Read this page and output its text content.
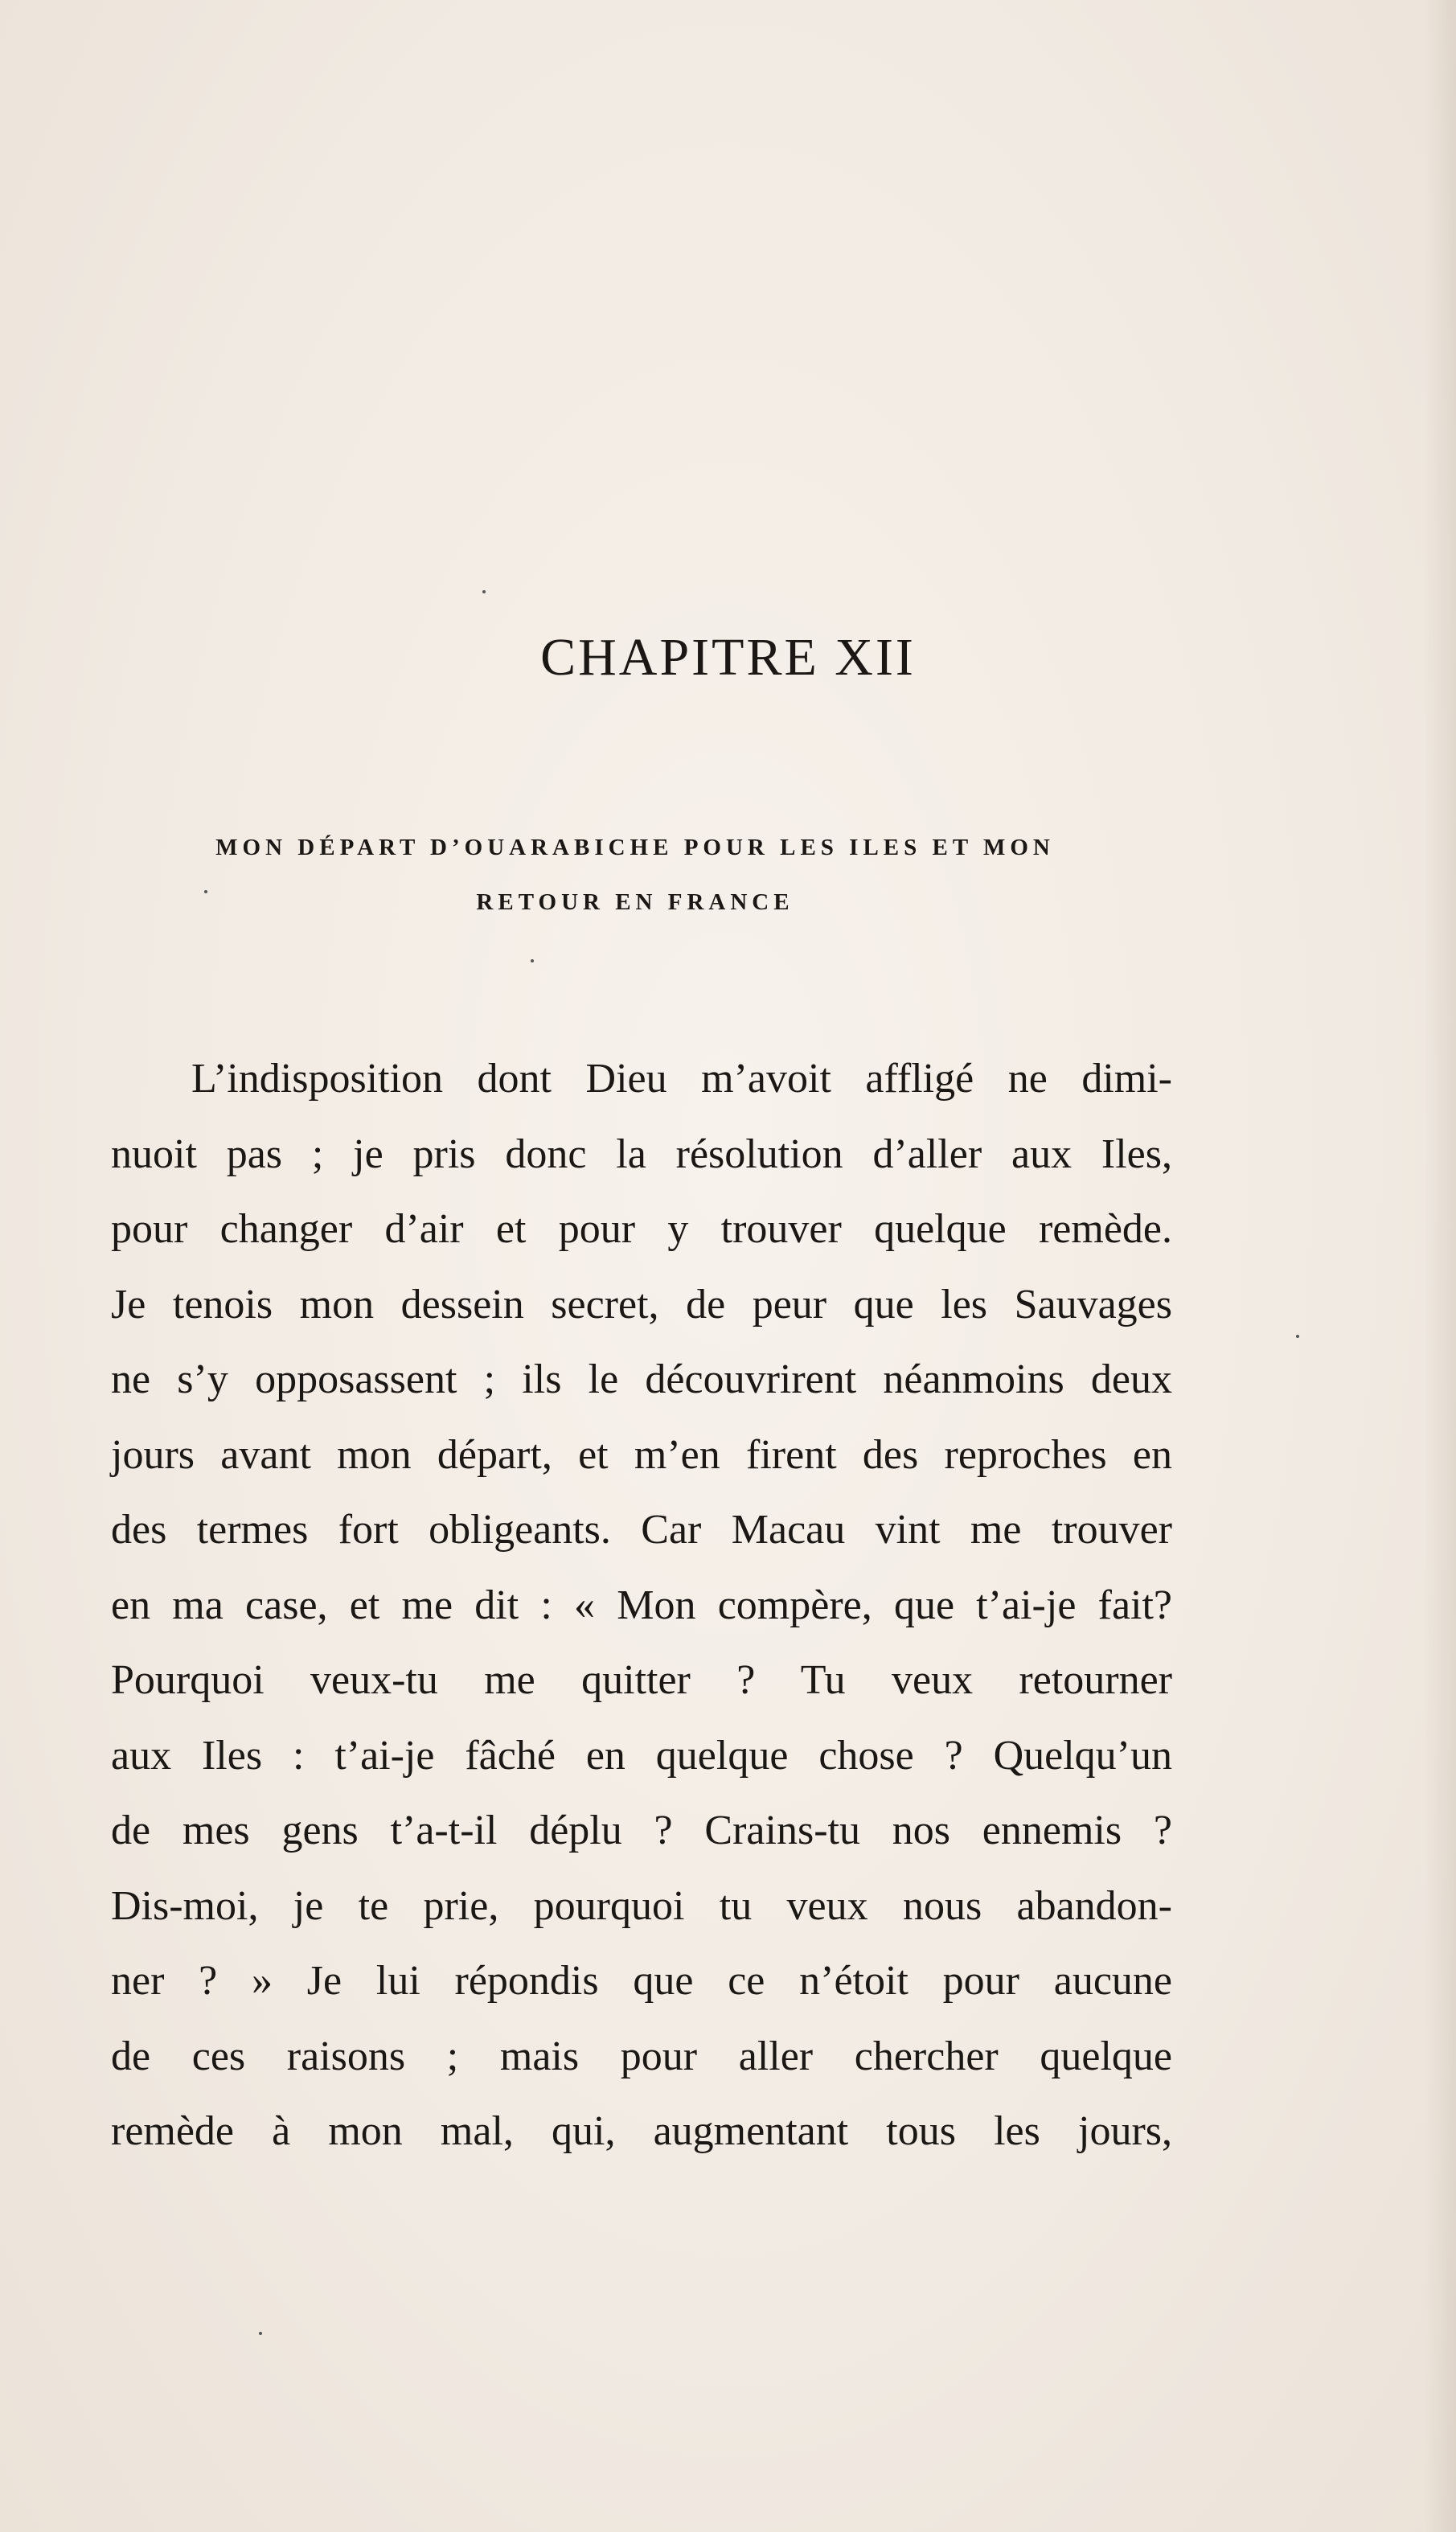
CHAPITRE XII
MON DÉPART D’OUARABICHE POUR LES ILES ET MON
RETOUR EN FRANCE
L’indisposition dont Dieu m’avoit affligé ne dimi-
nuoit pas ; je pris donc la résolution d’aller aux Iles,
pour changer d’air et pour y trouver quelque remède.
Je tenois mon dessein secret, de peur que les Sauvages
ne s’y opposassent ; ils le découvrirent néanmoins deux
jours avant mon départ, et m’en firent des reproches en
des termes fort obligeants. Car Macau vint me trouver
en ma case, et me dit : « Mon compère, que t’ai-je fait?
Pourquoi veux-tu me quitter ? Tu veux retourner
aux Iles : t’ai-je fâché en quelque chose ? Quelqu’un
de mes gens t’a-t-il déplu ? Crains-tu nos ennemis ?
Dis-moi, je te prie, pourquoi tu veux nous abandon-
ner ? » Je lui répondis que ce n’étoit pour aucune
de ces raisons ; mais pour aller chercher quelque
remède à mon mal, qui, augmentant tous les jours,
